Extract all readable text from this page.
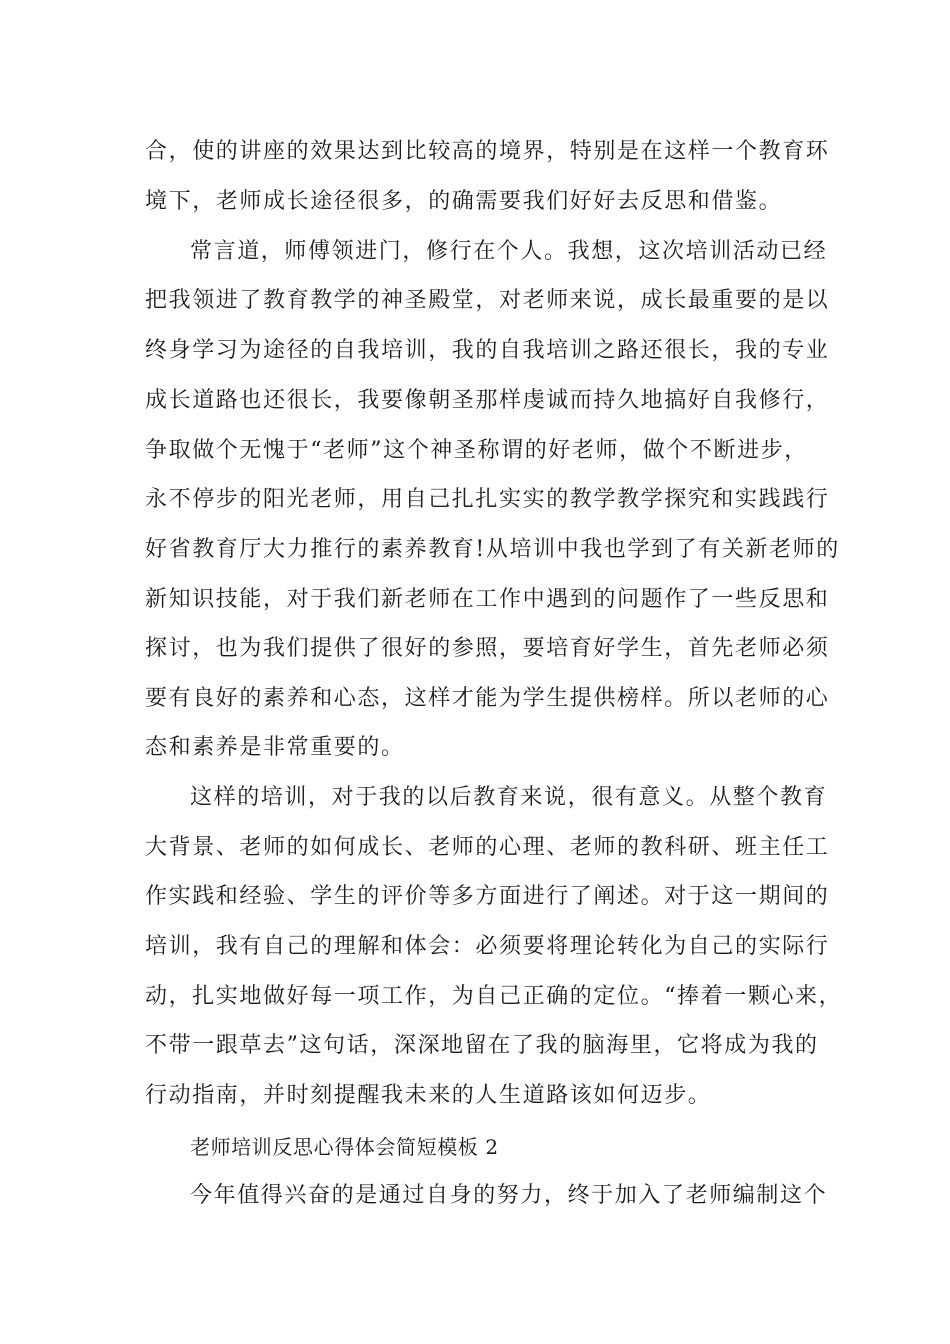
合，使的讲座的效果达到比较高的境界，特别是在这样一个教育环
境下，老师成长途径很多，的确需要我们好好去反思和借鉴。
常言道，师傅领进门，修行在个人。我想，这次培训活动已经
把我领进了教育教学的神圣殿堂，对老师来说，成长最重要的是以
终身学习为途径的自我培训，我的自我培训之路还很长，我的专业
成长道路也还很长，我要像朝圣那样虔诚而持久地搞好自我修行，
争取做个无愧于“老师”这个神圣称谓的好老师，做个不断进步，
永不停步的阳光老师，用自己扎扎实实的教学教学探究和实践践行
好省教育厅大力推行的素养教育!从培训中我也学到了有关新老师的
新知识技能，对于我们新老师在工作中遇到的问题作了一些反思和
探讨，也为我们提供了很好的参照，要培育好学生，首先老师必须
要有良好的素养和心态，这样才能为学生提供榜样。所以老师的心
态和素养是非常重要的。
这样的培训，对于我的以后教育来说，很有意义。从整个教育
大背景、老师的如何成长、老师的心理、老师的教科研、班主任工
作实践和经验、学生的评价等多方面进行了阐述。对于这一期间的
培训，我有自己的理解和体会：必须要将理论转化为自己的实际行
动，扎实地做好每一项工作，为自己正确的定位。“捧着一颗心来，
不带一跟草去”这句话，深深地留在了我的脑海里，它将成为我的
行动指南，并时刻提醒我未来的人生道路该如何迈步。
老师培训反思心得体会简短模板 2
今年值得兴奋的是通过自身的努力，终于加入了老师编制这个
